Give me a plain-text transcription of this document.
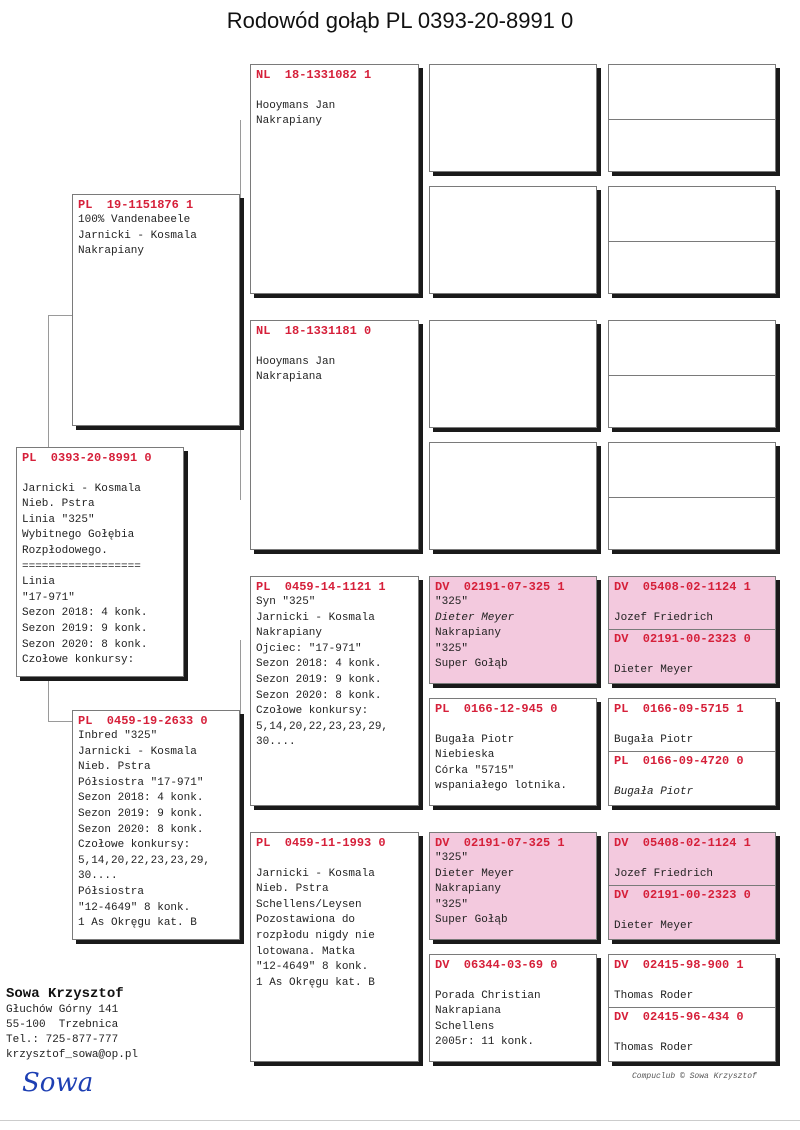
Rodowód gołąb PL 0393-20-8991 0
PL  0393-20-8991 0

Jarnicki - Kosmala
Nieb. Pstra
Linia "325"
Wybitnego Gołębia
Rozpłodowego.
==================
Linia
"17-971"
Sezon 2018: 4 konk.
Sezon 2019: 9 konk.
Sezon 2020: 8 konk.
Czołowe konkursy:
PL  19-1151876 1
100% Vandenabeele
Jarnicki - Kosmala
Nakrapiany
PL  0459-19-2633 0
Inbred "325"
Jarnicki - Kosmala
Nieb. Pstra
Półsiostra "17-971"
Sezon 2018: 4 konk.
Sezon 2019: 9 konk.
Sezon 2020: 8 konk.
Czołowe konkursy:
5,14,20,22,23,23,29,
30....
Półsiostra
"12-4649" 8 konk.
1 As Okręgu kat. B
NL  18-1331082 1

Hooymans Jan
Nakrapiany
NL  18-1331181 0

Hooymans Jan
Nakrapiana
PL  0459-14-1121 1
Syn "325"
Jarnicki - Kosmala
Nakrapiany
Ojciec: "17-971"
Sezon 2018: 4 konk.
Sezon 2019: 9 konk.
Sezon 2020: 8 konk.
Czołowe konkursy:
5,14,20,22,23,23,29,
30....
PL  0459-11-1993 0

Jarnicki - Kosmala
Nieb. Pstra
Schellens/Leysen
Pozostawiona do
rozpłodu nigdy nie
lotowana. Matka
"12-4649" 8 konk.
1 As Okręgu kat. B
DV  02191-07-325 1
"325"
Dieter Meyer
Nakrapiany
"325"
Super Gołąb
PL  0166-12-945 0

Bugała Piotr
Niebieska
Córka "5715"
wspaniałego lotnika.
DV  02191-07-325 1
"325"
Dieter Meyer
Nakrapiany
"325"
Super Gołąb
DV  06344-03-69 0

Porada Christian
Nakrapiana
Schellens
2005r: 11 konk.
DV  05408-02-1124 1

Jozef Friedrich
DV  02191-00-2323 0

Dieter Meyer
PL  0166-09-5715 1

Bugała Piotr
PL  0166-09-4720 0

Bugała Piotr
DV  05408-02-1124 1

Jozef Friedrich
DV  02191-00-2323 0

Dieter Meyer
DV  02415-98-900 1

Thomas Roder
DV  02415-96-434 0

Thomas Roder
Sowa Krzysztof
Głuchów Górny 141
55-100  Trzebnica
Tel.: 725-877-777
krzysztof_sowa@op.pl
Sowa	Compuclub © Sowa Krzysztof
